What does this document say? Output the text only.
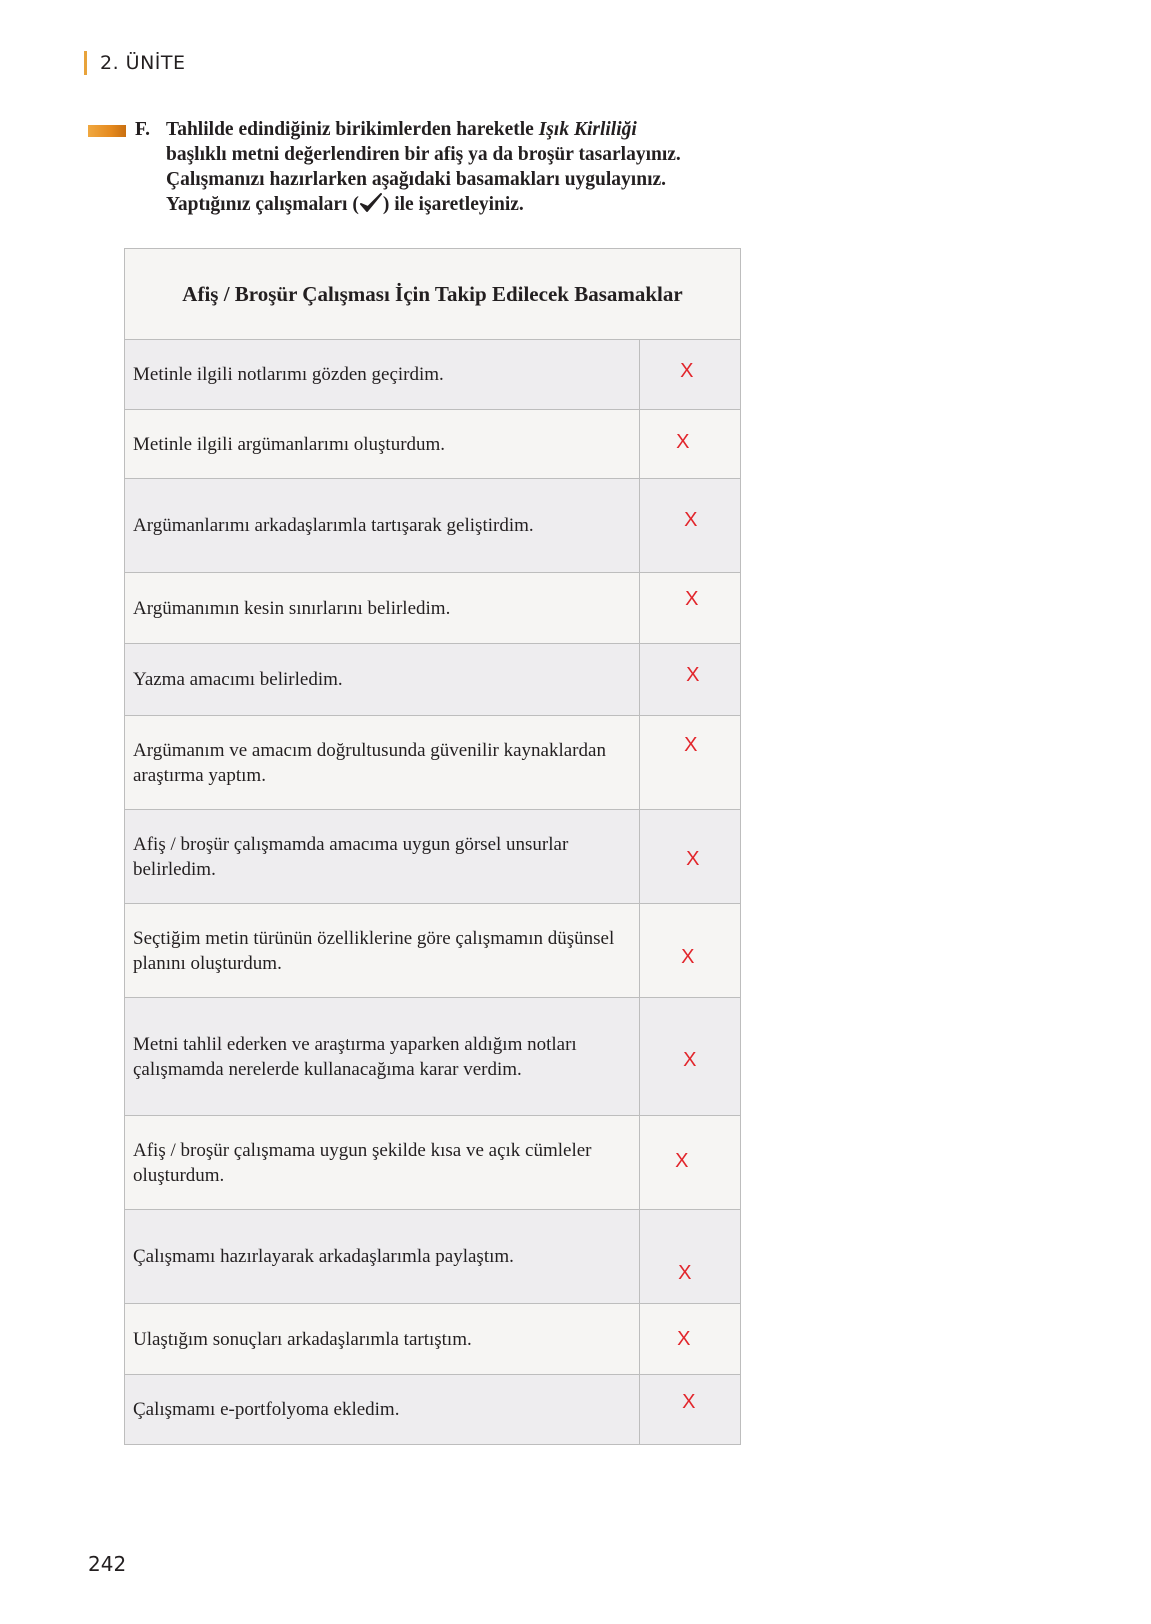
2. ÜNİTE
F. Tahlilde edindiğiniz birikimlerden hareketle Işık Kirliliği
başlıklı metni değerlendiren bir afiş ya da broşür tasarlayınız.
Çalışmanızı hazırlarken aşağıdaki basamakları uygulayınız.
Yaptığınız çalışmaları ( ) ile işaretleyiniz.
Afiş / Broşür Çalışması İçin Takip Edilecek Basamaklar	
Metinle ilgili notlarımı gözden geçirdim.	X

Metinle ilgili argümanlarımı oluşturdum.	X

Argümanlarımı arkadaşlarımla tartışarak geliştirdim.	X

Argümanımın kesin sınırlarını belirledim.	X

Yazma amacımı belirledim.	X

Argümanım ve amacım doğrultusunda güvenilir kaynaklardan araştırma yaptım.	X

Afiş / broşür çalışmamda amacıma uygun görsel unsurlar belirledim.	X

Seçtiğim metin türünün özelliklerine göre çalışmamın düşünsel planını oluşturdum.	X

Metni tahlil ederken ve araştırma yaparken aldığım notları çalışmamda nerelerde kullanacağıma karar verdim.	X

Afiş / broşür çalışmama uygun şekilde kısa ve açık cümleler oluşturdum.	X

Çalışmamı hazırlayarak arkadaşlarımla paylaştım.	X

Ulaştığım sonuçları arkadaşlarımla tartıştım.	X

Çalışmamı e-portfolyoma ekledim.	X
242
